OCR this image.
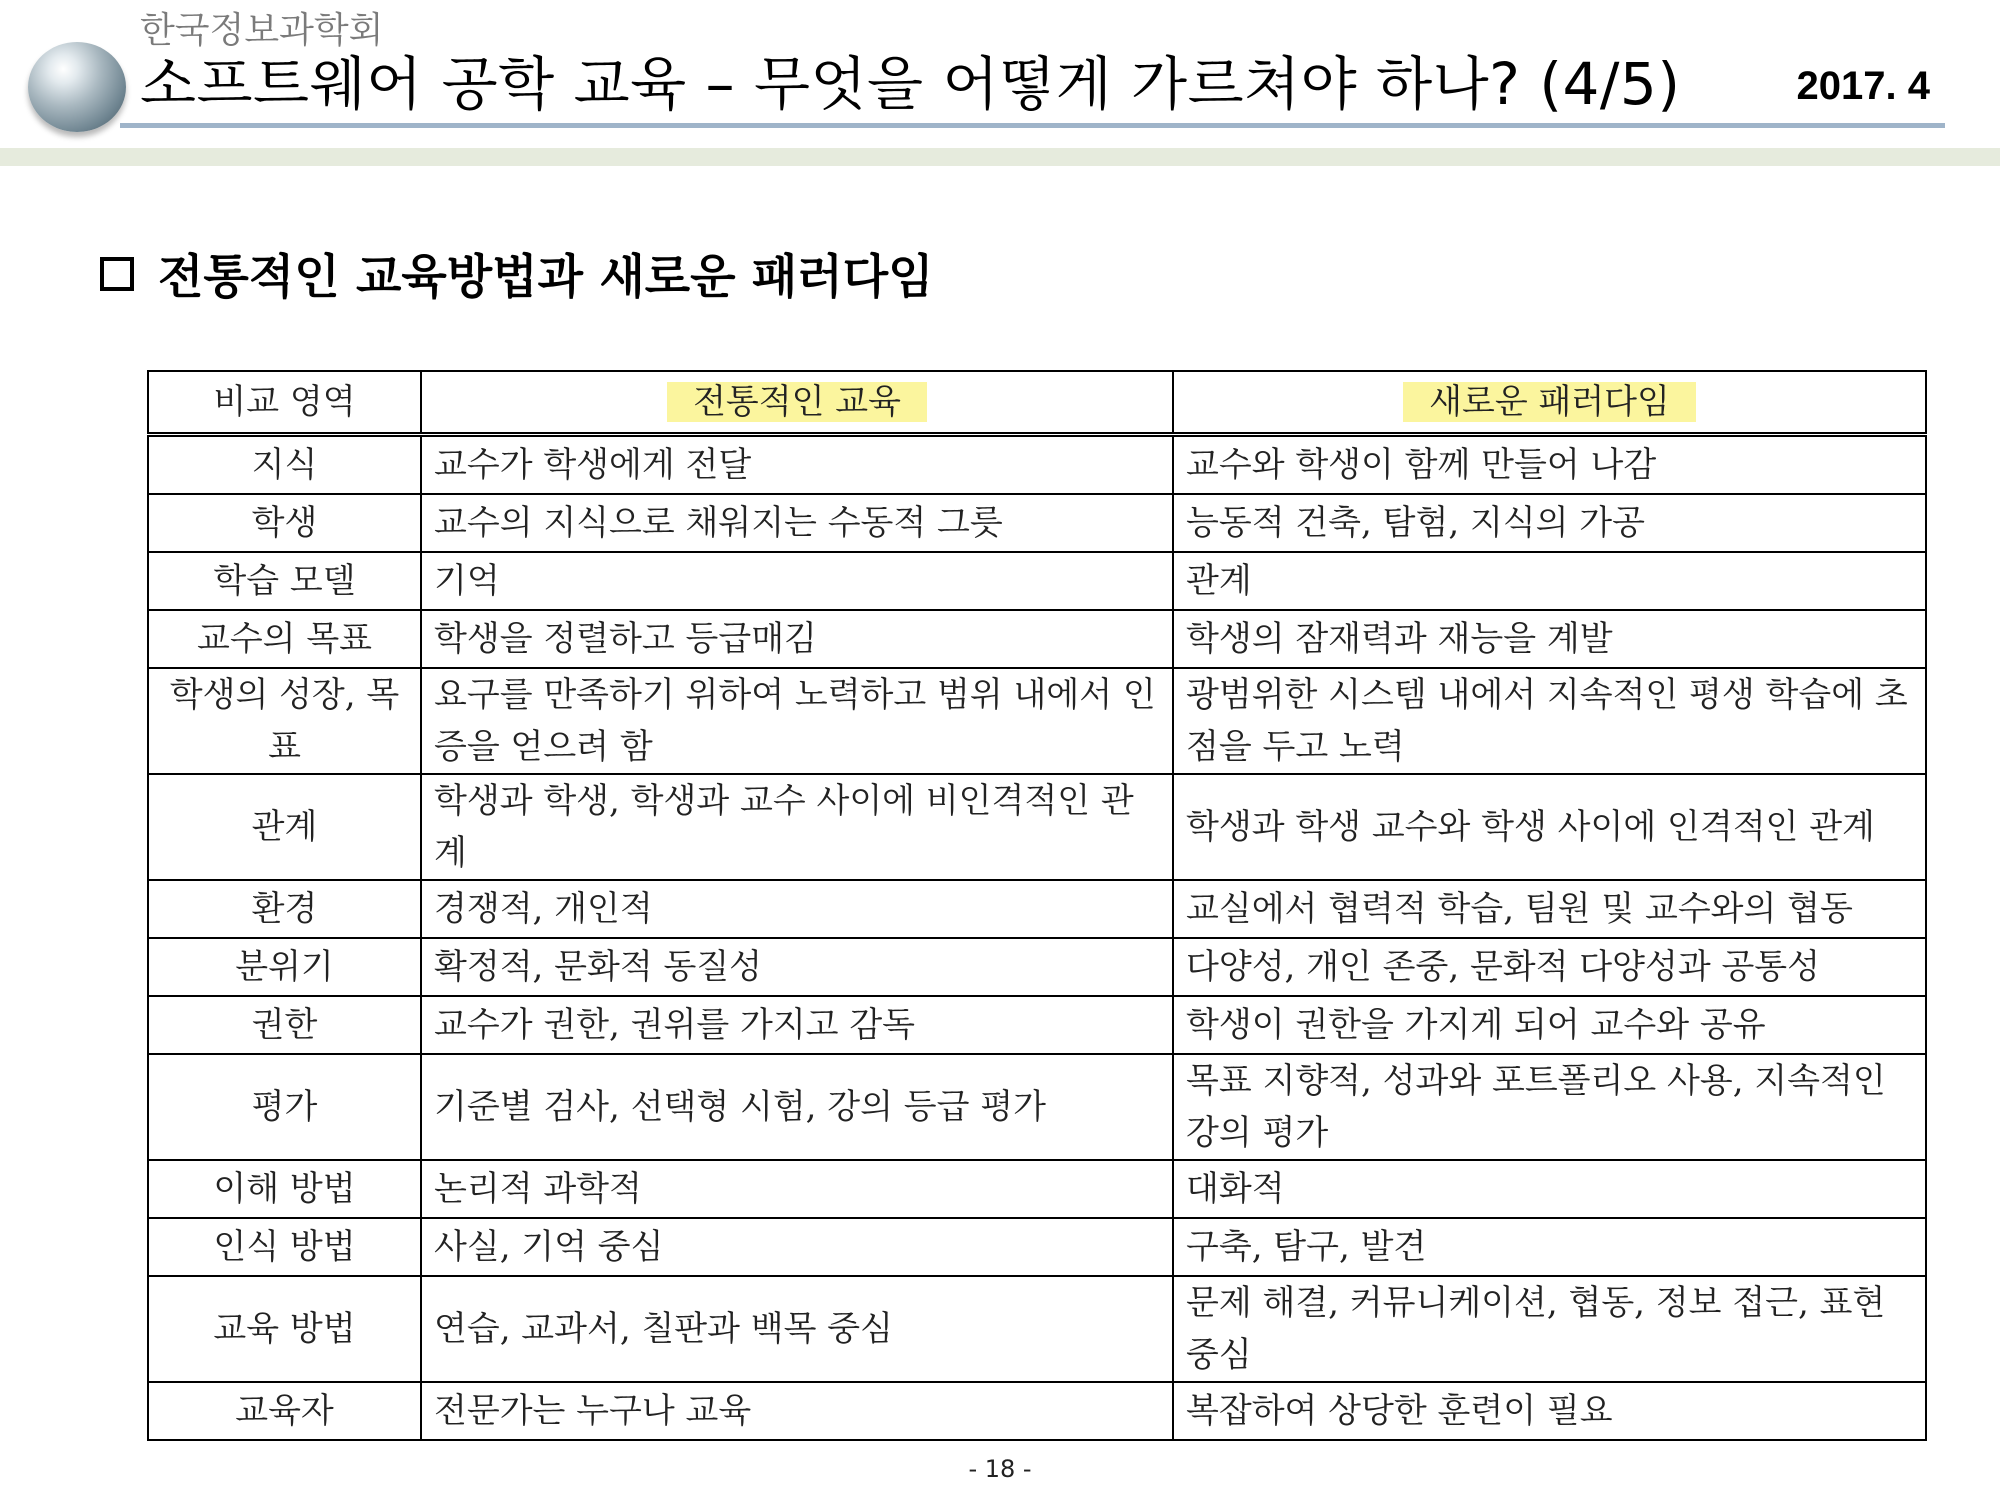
한국정보과학회
소프트웨어 공학 교육 – 무엇을 어떻게 가르쳐야 하나? (4/5)	2017. 4
전통적인 교육방법과 새로운 패러다임
비교 영역	전통적인 교육	새로운 패러다임
지식	교수가 학생에게 전달	교수와 학생이 함께 만들어 나감
학생	교수의 지식으로 채워지는 수동적 그릇	능동적 건축, 탐험, 지식의 가공
학습 모델	기억	관계
교수의 목표	학생을 정렬하고 등급매김	학생의 잠재력과 재능을 계발
학생의 성장, 목표	요구를 만족하기 위하여 노력하고 범위 내에서 인증을 얻으려 함	광범위한 시스템 내에서 지속적인 평생 학습에 초점을 두고 노력
관계	학생과 학생, 학생과 교수 사이에 비인격적인 관계	학생과 학생 교수와 학생 사이에 인격적인 관계
환경	경쟁적, 개인적	교실에서 협력적 학습, 팀원 및 교수와의 협동
분위기	확정적, 문화적 동질성	다양성, 개인 존중, 문화적 다양성과 공통성
권한	교수가 권한, 권위를 가지고 감독	학생이 권한을 가지게 되어 교수와 공유
평가	기준별 검사, 선택형 시험, 강의 등급 평가	목표 지향적, 성과와 포트폴리오 사용, 지속적인 강의 평가
이해 방법	논리적 과학적	대화적
인식 방법	사실, 기억 중심	구축, 탐구, 발견
교육 방법	연습, 교과서, 칠판과 백목 중심	문제 해결, 커뮤니케이션, 협동, 정보 접근, 표현 중심
교육자	전문가는 누구나 교육	복잡하여 상당한 훈련이 필요
- 18 -
